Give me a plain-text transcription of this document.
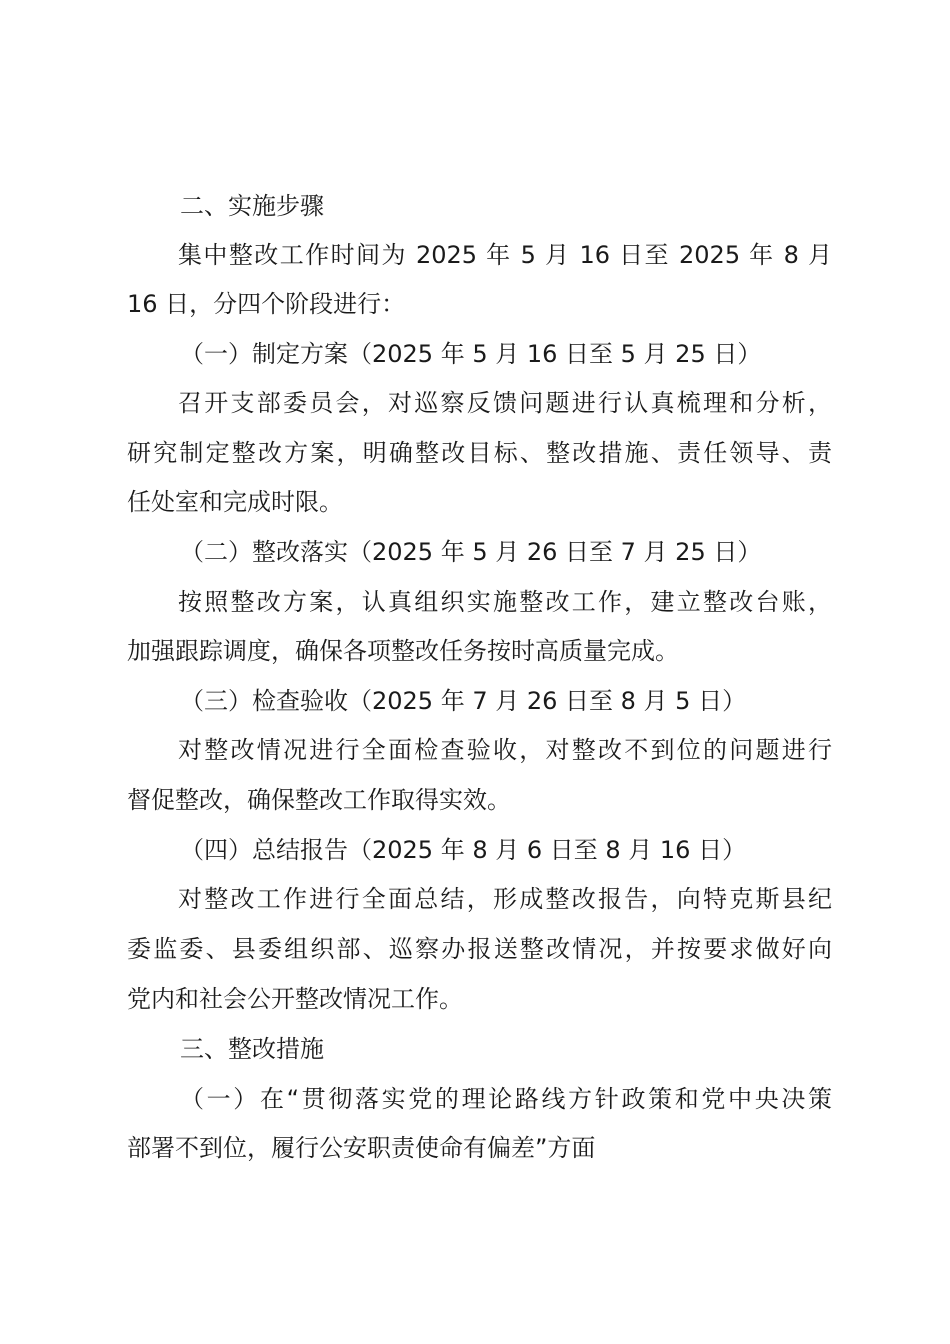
二、实施步骤
集中整改工作时间为 2025 年 5 月 16 日至 2025 年 8 月
16 日，分四个阶段进行：
（一）制定方案（2025 年 5 月 16 日至 5 月 25 日）
召开支部委员会，对巡察反馈问题进行认真梳理和分析，
研究制定整改方案，明确整改目标、整改措施、责任领导、责
任处室和完成时限。
（二）整改落实（2025 年 5 月 26 日至 7 月 25 日）
按照整改方案，认真组织实施整改工作，建立整改台账，
加强跟踪调度，确保各项整改任务按时高质量完成。
（三）检查验收（2025 年 7 月 26 日至 8 月 5 日）
对整改情况进行全面检查验收，对整改不到位的问题进行
督促整改，确保整改工作取得实效。
（四）总结报告（2025 年 8 月 6 日至 8 月 16 日）
对整改工作进行全面总结，形成整改报告，向特克斯县纪
委监委、县委组织部、巡察办报送整改情况，并按要求做好向
党内和社会公开整改情况工作。
三、整改措施
（一）在“贯彻落实党的理论路线方针政策和党中央决策
部署不到位，履行公安职责使命有偏差”方面
